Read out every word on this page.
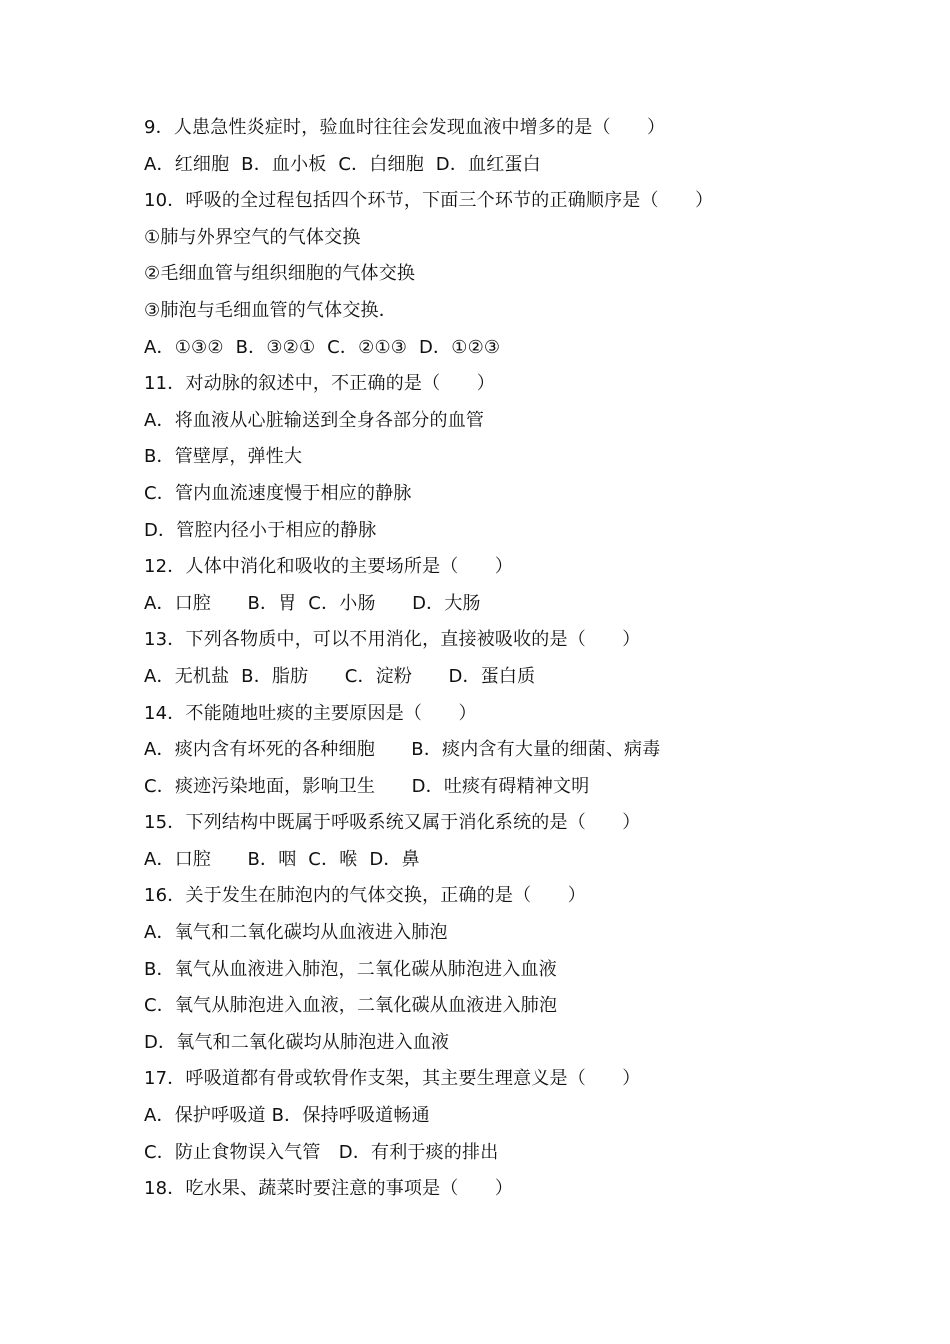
9．人患急性炎症时，验血时往往会发现血液中增多的是（　　）
A．红细胞  B．血小板  C．白细胞  D．血红蛋白
10．呼吸的全过程包括四个环节，下面三个环节的正确顺序是（　　）
①肺与外界空气的气体交换
②毛细血管与组织细胞的气体交换
③肺泡与毛细血管的气体交换．
A．①③②  B．③②①  C．②①③  D．①②③
11．对动脉的叙述中，不正确的是（　　）
A．将血液从心脏输送到全身各部分的血管
B．管壁厚，弹性大
C．管内血流速度慢于相应的静脉
D．管腔内径小于相应的静脉
12．人体中消化和吸收的主要场所是（　　）
A．口腔　　B．胃  C．小肠　　D．大肠
13．下列各物质中，可以不用消化，直接被吸收的是（　　）
A．无机盐  B．脂肪　　C．淀粉　　D．蛋白质
14．不能随地吐痰的主要原因是（　　）
A．痰内含有坏死的各种细胞　　B．痰内含有大量的细菌、病毒
C．痰迹污染地面，影响卫生　　D．吐痰有碍精神文明
15．下列结构中既属于呼吸系统又属于消化系统的是（　　）
A．口腔　　B．咽  C．喉  D．鼻
16．关于发生在肺泡内的气体交换，正确的是（　　）
A．氧气和二氧化碳均从血液进入肺泡
B．氧气从血液进入肺泡，二氧化碳从肺泡进入血液
C．氧气从肺泡进入血液，二氧化碳从血液进入肺泡
D．氧气和二氧化碳均从肺泡进入血液
17．呼吸道都有骨或软骨作支架，其主要生理意义是（　　）
A．保护呼吸道 B．保持呼吸道畅通
C．防止食物误入气管　D．有利于痰的排出
18．吃水果、蔬菜时要注意的事项是（　　）
